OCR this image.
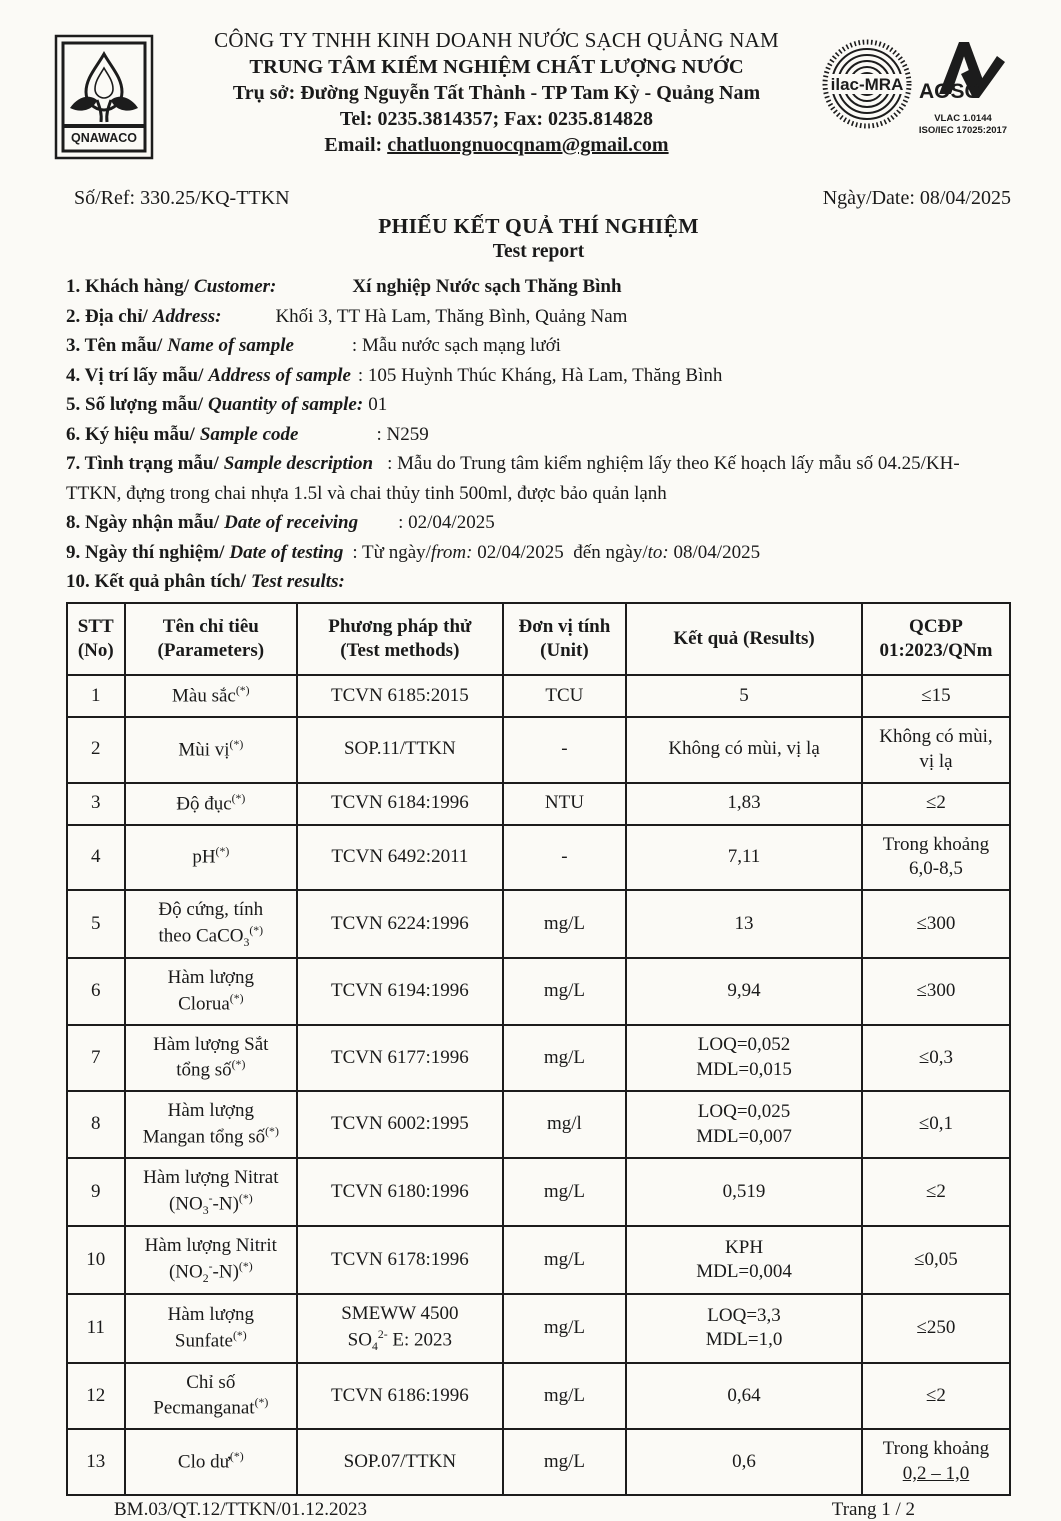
QNAWACO
CÔNG TY TNHH KINH DOANH NƯỚC SẠCH QUẢNG NAM
TRUNG TÂM KIỂM NGHIỆM CHẤT LƯỢNG NƯỚC
Trụ sở: Đường Nguyễn Tất Thành - TP Tam Kỳ - Quảng Nam
Tel: 0235.3814357; Fax: 0235.814828
Email: chatluongnuocqnam@gmail.com
ilac-MRA AOSC
VLAC 1.0144
ISO/IEC 17025:2017
Số/Ref: 330.25/KQ-TTKN	Ngày/Date: 08/04/2025
PHIẾU KẾT QUẢ THÍ NGHIỆM
Test report
1. Khách hàng/ Customer:	Xí nghiệp Nước sạch Thăng Bình
2. Địa chỉ/ Address:	Khối 3, TT Hà Lam, Thăng Bình, Quảng Nam
3. Tên mẫu/ Name of sample	: Mẫu nước sạch mạng lưới
4. Vị trí lấy mẫu/ Address of sample : 105 Huỳnh Thúc Kháng, Hà Lam, Thăng Bình
5. Số lượng mẫu/ Quantity of sample: 01
6. Ký hiệu mẫu/ Sample code	: N259
7. Tình trạng mẫu/ Sample description : Mẫu do Trung tâm kiểm nghiệm lấy theo Kế hoạch lấy mẫu số 04.25/KH-TTKN, đựng trong chai nhựa 1.5l và chai thủy tinh 500ml, được bảo quản lạnh
8. Ngày nhận mẫu/ Date of receiving : 02/04/2025
9. Ngày thí nghiệm/ Date of testing : Từ ngày/from: 02/04/2025  đến ngày/to: 08/04/2025
10. Kết quả phân tích/ Test results:
STT
(No)	Tên chỉ tiêu
(Parameters)	Phương pháp thử
(Test methods)	Đơn vị tính
(Unit)	Kết quả (Results)	QCĐP
01:2023/QNm
1	Màu sắc(*)	TCVN 6185:2015	TCU	5	≤15
2	Mùi vị(*)	SOP.11/TTKN	-	Không có mùi, vị lạ	Không có mùi,
vị lạ
3	Độ đục(*)	TCVN 6184:1996	NTU	1,83	≤2
4	pH(*)	TCVN 6492:2011	-	7,11	Trong khoảng
6,0-8,5
5	Độ cứng, tính
theo CaCO$_3$(*)	TCVN 6224:1996	mg/L	13	≤300
6	Hàm lượng
Clorua(*)	TCVN 6194:1996	mg/L	9,94	≤300
7	Hàm lượng Sắt
tổng số(*)	TCVN 6177:1996	mg/L	LOQ=0,052
MDL=0,015	≤0,3
8	Hàm lượng
Mangan tổng số(*)	TCVN 6002:1995	mg/l	LOQ=0,025
MDL=0,007	≤0,1
9	Hàm lượng Nitrat
$(NO_3^--N)^{(*)}$	TCVN 6180:1996	mg/L	0,519	≤2
10	Hàm lượng Nitrit
$(NO_2^--N)^{(*)}$	TCVN 6178:1996	mg/L	KPH
MDL=0,004	≤0,05
11	Hàm lượng
Sunfate(*)	SMEWW 4500
$SO_4^{2-}$ E: 2023	mg/L	LOQ=3,3
MDL=1,0	≤250
12	Chỉ số
Pecmanganat(*)	TCVN 6186:1996	mg/L	0,64	≤2
13	Clo dư(*)	SOP.07/TTKN	mg/L	0,6	Trong khoảng
0,2 – 1,0
BM.03/QT.12/TTKN/01.12.2023	Trang 1 / 2
